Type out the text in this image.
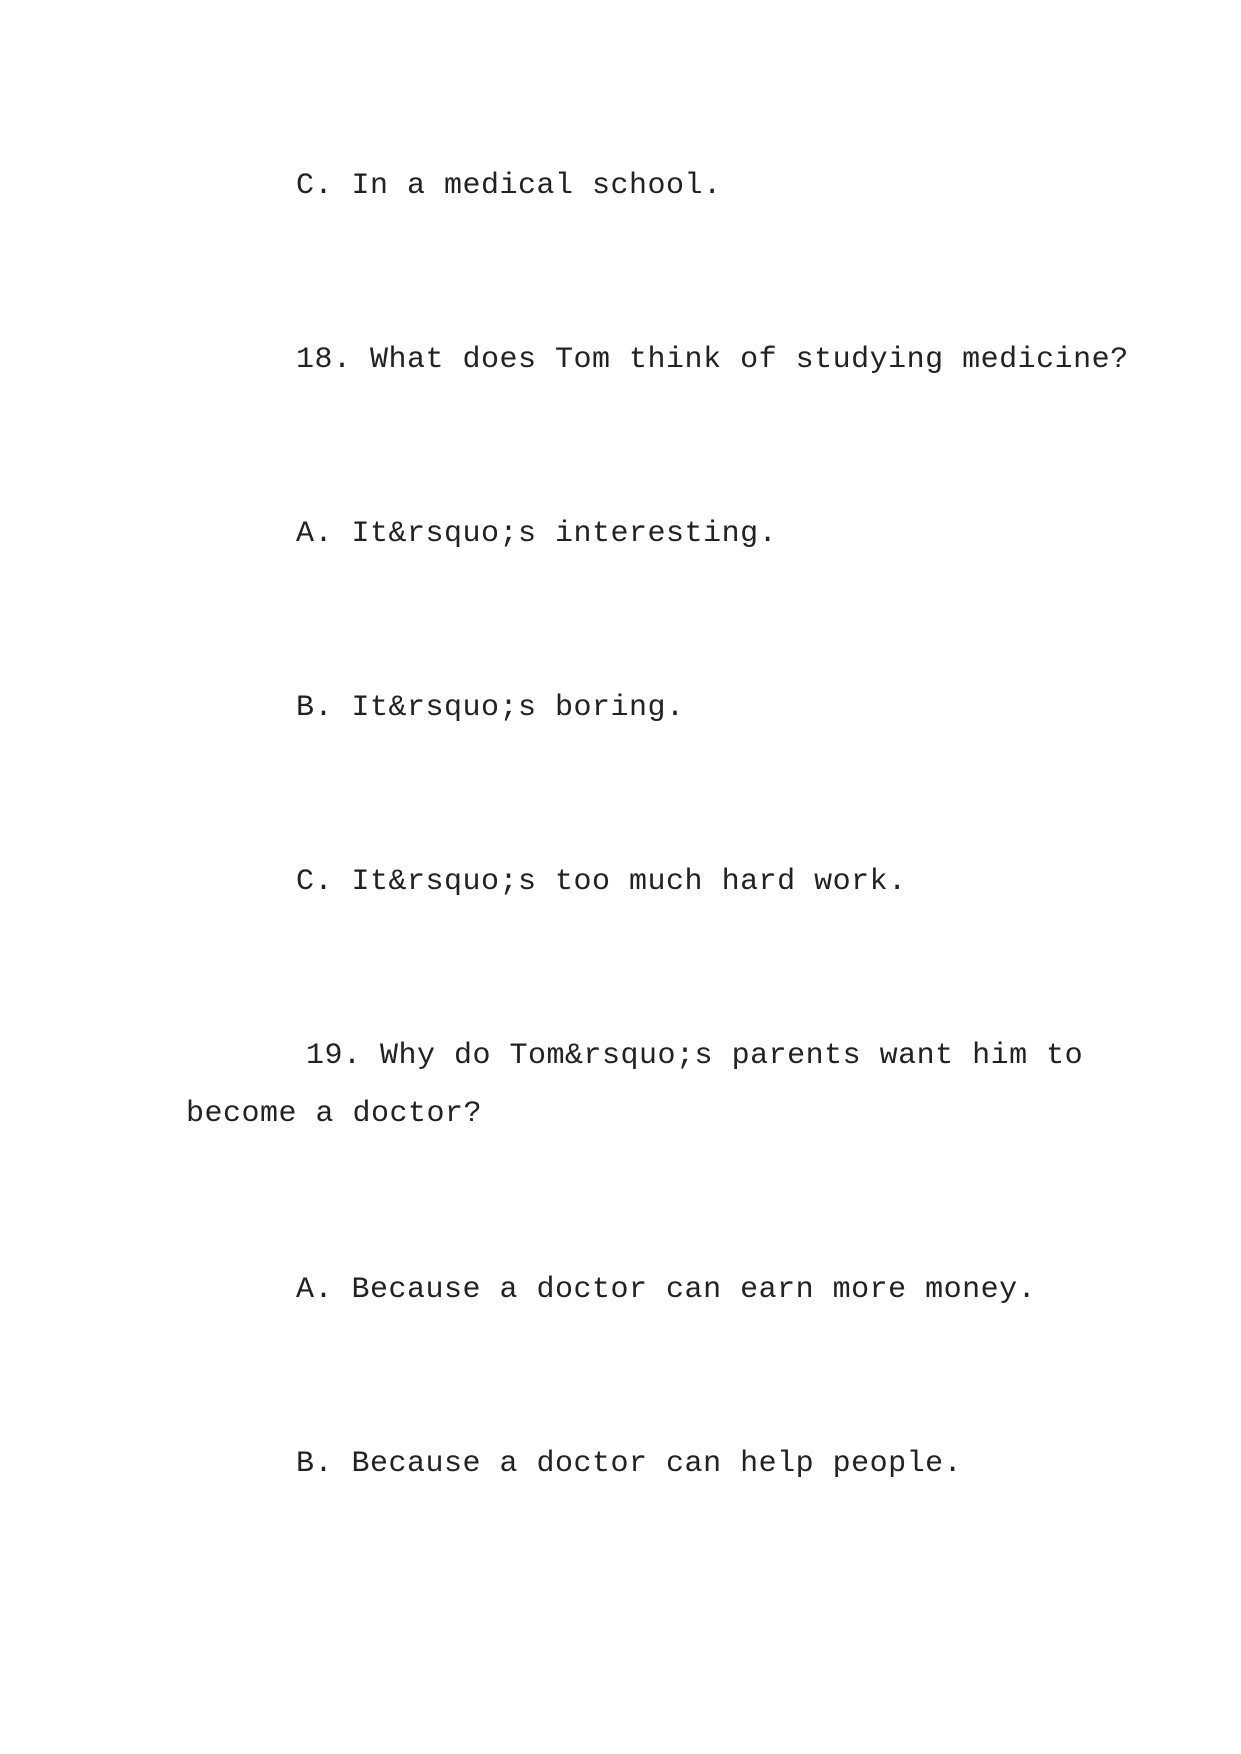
C. In a medical school.
18. What does Tom think of studying medicine?
A. It&rsquo;s interesting.
B. It&rsquo;s boring.
C. It&rsquo;s too much hard work.
19. Why do Tom&rsquo;s parents want him to
become a doctor?
A. Because a doctor can earn more money.
B. Because a doctor can help people.
